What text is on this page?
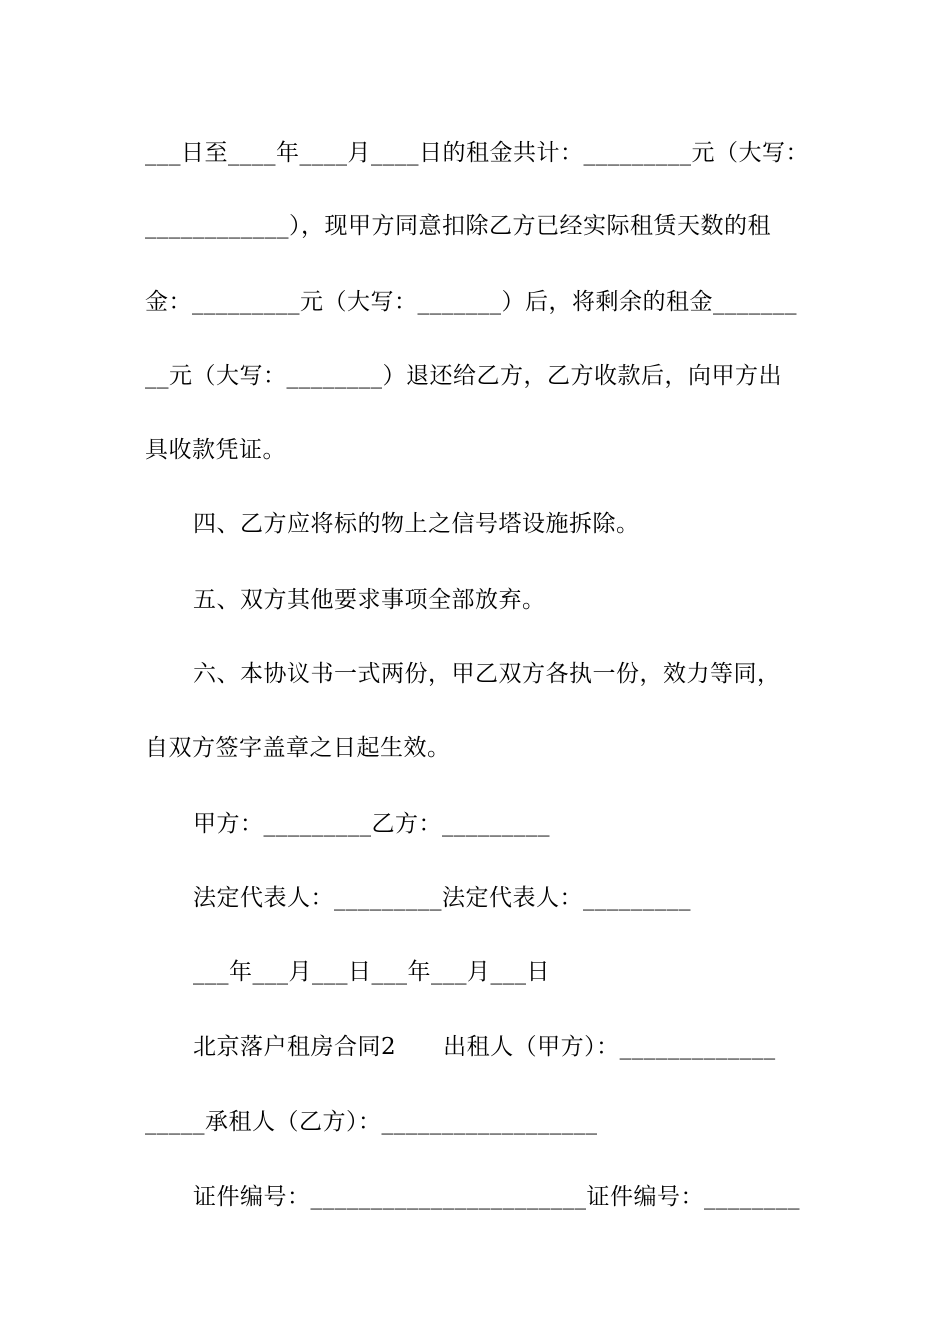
___日至____年____月____日的租金共计：_________元（大写：
____________），现甲方同意扣除乙方已经实际租赁天数的租
金：_________元（大写：_______）后，将剩余的租金_______
__元（大写：________）退还给乙方，乙方收款后，向甲方出
具收款凭证。
四、乙方应将标的物上之信号塔设施拆除。
五、双方其他要求事项全部放弃。
六、本协议书一式两份，甲乙双方各执一份，效力等同，
自双方签字盖章之日起生效。
甲方：_________乙方：_________
法定代表人：_________法定代表人：_________
___年___月___日___年___月___日
北京落户租房合同2　　出租人（甲方）：_____________
_____承租人（乙方）：__________________
证件编号：_______________________证件编号：________
